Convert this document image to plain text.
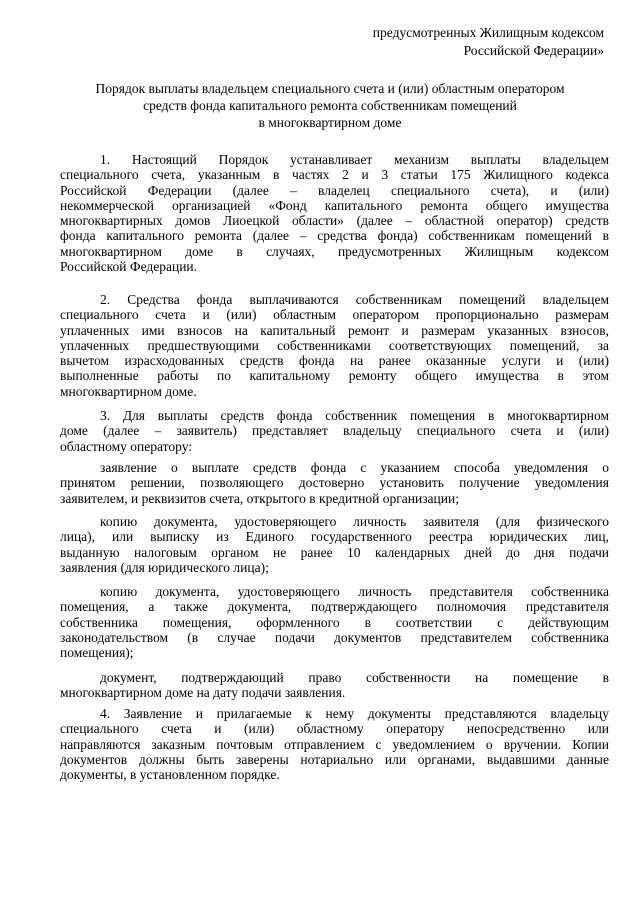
предусмотренных Жилищным кодексом
Российской Федерации»
Порядок выплаты владельцем специального счета и (или) областным оператором
средств фонда капитального ремонта собственникам помещений
в многоквартирном доме
1. Настоящий Порядок устанавливает механизм выплаты владельцем
специального счета, указанным в частях 2 и 3 статьи 175 Жилищного кодекса
Российской Федерации (далее – владелец специального счета), и (или)
некоммерческой организацией «Фонд капитального ремонта общего имущества
многоквартирных домов Лиоецкой области» (далее – областной оператор) средств
фонда капитального ремонта (далее – средства фонда) собственникам помещений в
многоквартирном доме в случаях, предусмотренных Жилищным кодексом
Российской Федерации.
2. Средства фонда выплачиваются собственникам помещений владельцем
специального счета и (или) областным оператором пропорционально размерам
уплаченных ими взносов на капитальный ремонт и размерам указанных взносов,
уплаченных предшествующими собственниками соответствующих помещений, за
вычетом израсходованных средств фонда на ранее оказанные услуги и (или)
выполненные работы по капитальному ремонту общего имущества в этом
многоквартирном доме.
3. Для выплаты средств фонда собственник помещения в многоквартирном
доме (далее – заявитель) представляет владельцу специального счета и (или)
областному оператору:
заявление о выплате средств фонда с указанием способа уведомления о
принятом решении, позволяющего достоверно установить получение уведомления
заявителем, и реквизитов счета, открытого в кредитной организации;
копию документа, удостоверяющего личность заявителя (для физического
лица), или выписку из Единого государственного реестра юридических лиц,
выданную налоговым органом не ранее 10 календарных дней до дня подачи
заявления (для юридического лица);
копию документа, удостоверяющего личность представителя собственника
помещения, а также документа, подтверждающего полномочия представителя
собственника помещения, оформленного в соответствии с действующим
законодательством (в случае подачи документов представителем собственника
помещения);
документ, подтверждающий право собственности на помещение в
многоквартирном доме на дату подачи заявления.
4. Заявление и прилагаемые к нему документы представляются владельцу
специального счета и (или) областному оператору непосредственно или
направляются заказным почтовым отправлением с уведомлением о вручении. Копии
документов должны быть заверены нотариально или органами, выдавшими данные
документы, в установленном порядке.
